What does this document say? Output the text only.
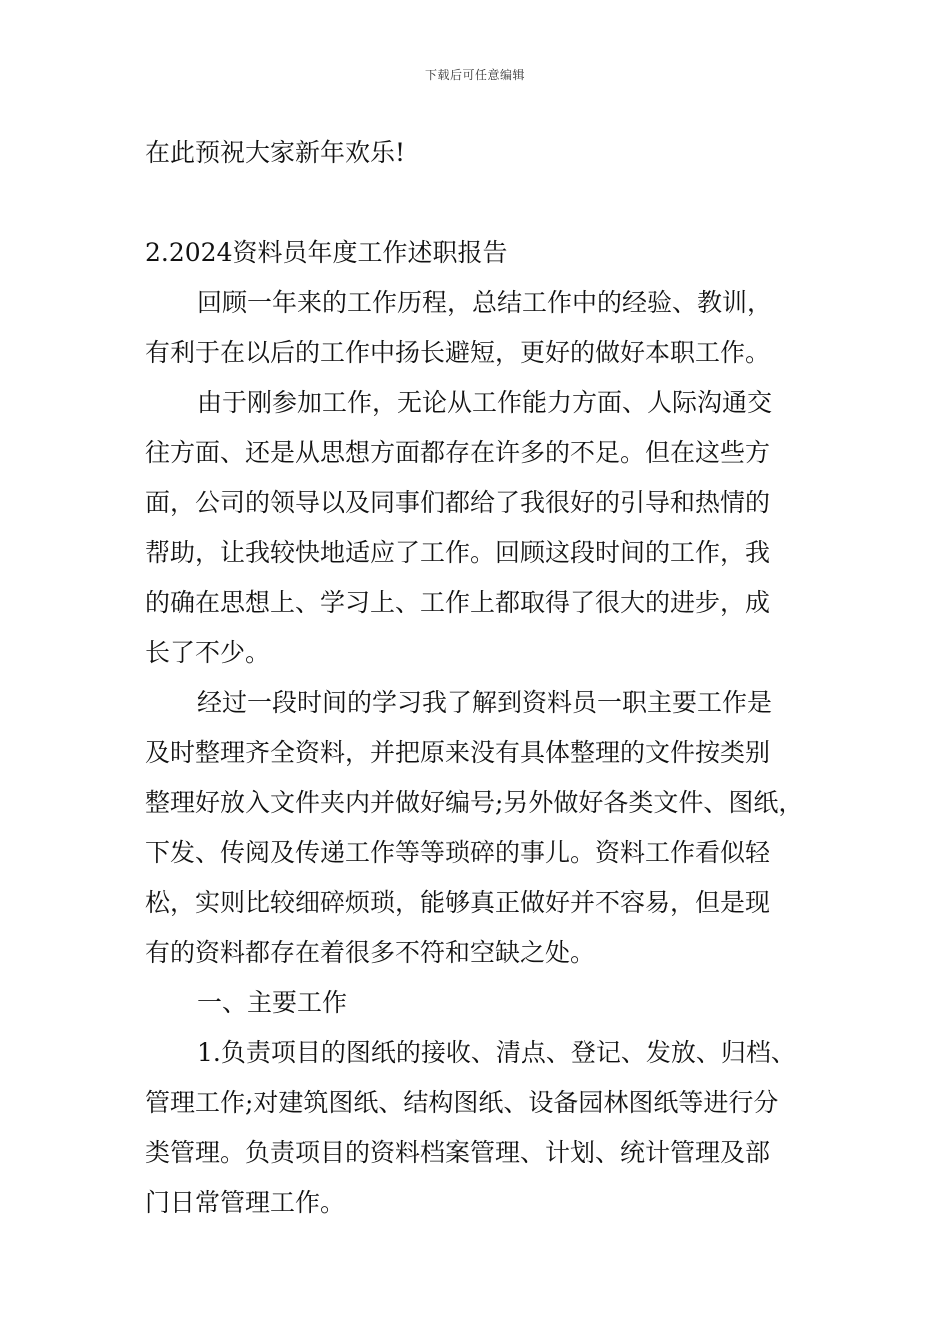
下载后可任意编辑

在此预祝大家新年欢乐!

2.2024资料员年度工作述职报告

回顾一年来的工作历程，总结工作中的经验、教训，

有利于在以后的工作中扬长避短，更好的做好本职工作。

由于刚参加工作，无论从工作能力方面、人际沟通交

往方面、还是从思想方面都存在许多的不足。但在这些方

面，公司的领导以及同事们都给了我很好的引导和热情的

帮助，让我较快地适应了工作。回顾这段时间的工作，我

的确在思想上、学习上、工作上都取得了很大的进步，成

长了不少。

经过一段时间的学习我了解到资料员一职主要工作是

及时整理齐全资料，并把原来没有具体整理的文件按类别

整理好放入文件夹内并做好编号;另外做好各类文件、图纸，

下发、传阅及传递工作等等琐碎的事儿。资料工作看似轻

松，实则比较细碎烦琐，能够真正做好并不容易，但是现

有的资料都存在着很多不符和空缺之处。

一、主要工作

1.负责项目的图纸的接收、清点、登记、发放、归档、

管理工作;对建筑图纸、结构图纸、设备园林图纸等进行分

类管理。负责项目的资料档案管理、计划、统计管理及部

门日常管理工作。
